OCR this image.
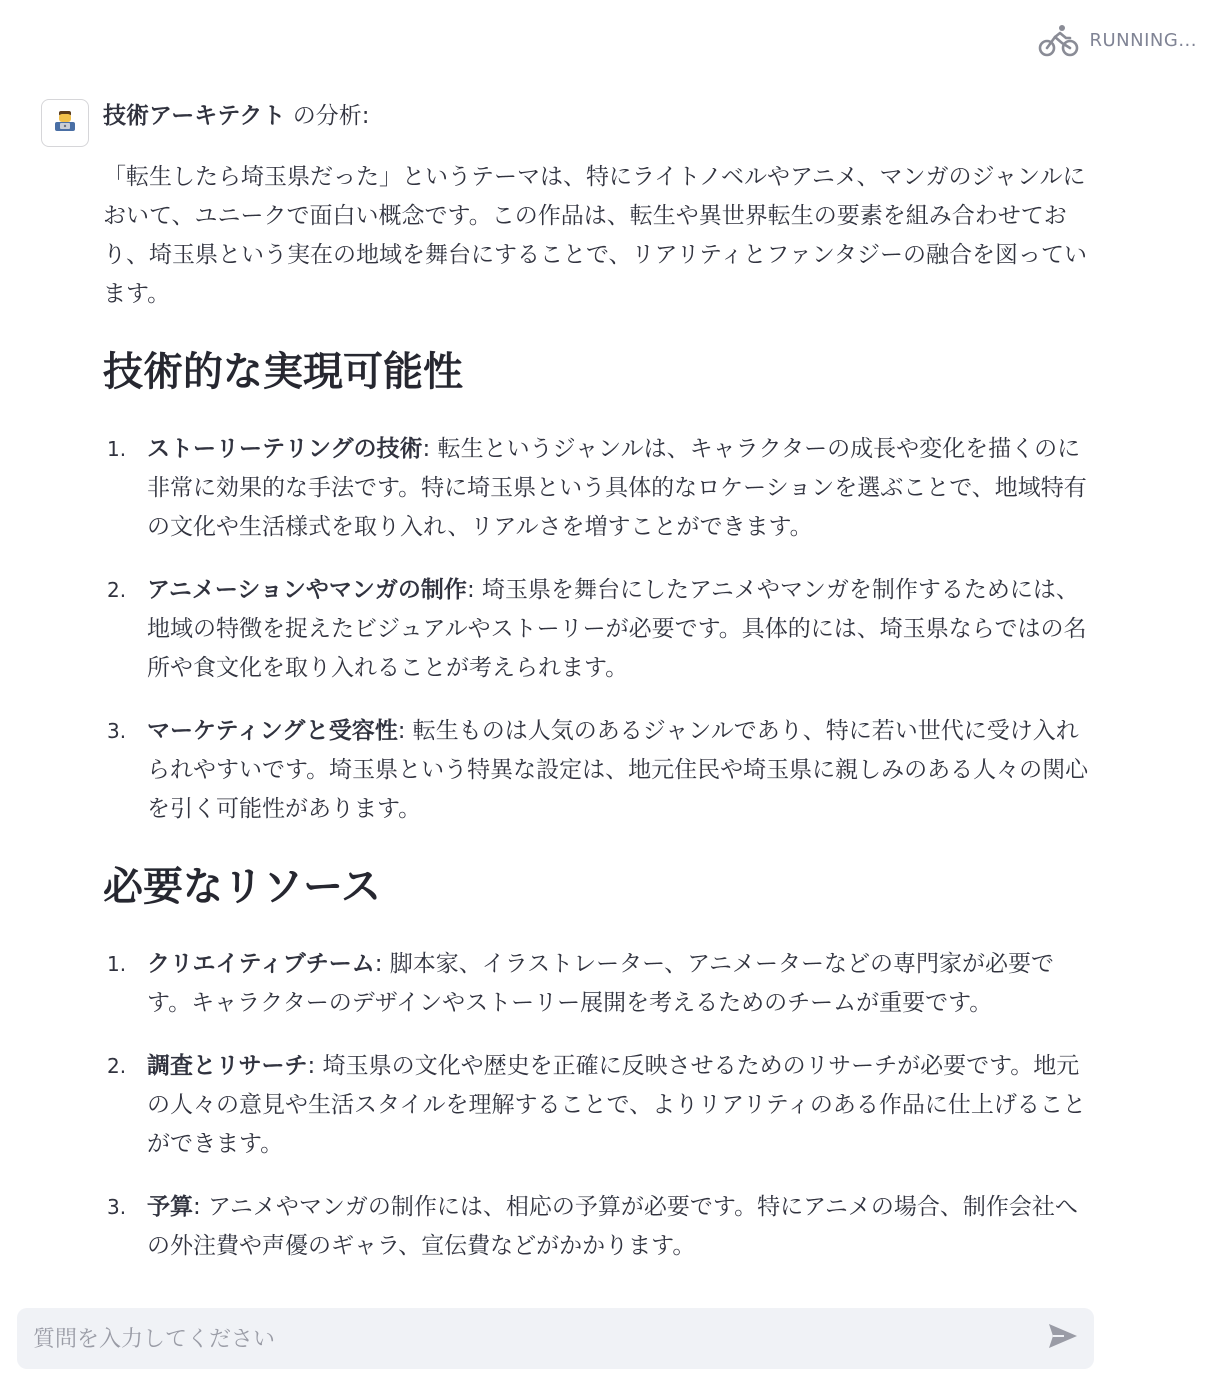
RUNNING...
技術アーキテクト の分析:

「転生したら埼玉県だった」というテーマは、特にライトノベルやアニメ、マンガのジャンルにおいて、ユニークで面白い概念です。この作品は、転生や異世界転生の要素を組み合わせており、埼玉県という実在の地域を舞台にすることで、リアリティとファンタジーの融合を図っています。

技術的な実現可能性
1. ストーリーテリングの技術: 転生というジャンルは、キャラクターの成長や変化を描くのに非常に効果的な手法です。特に埼玉県という具体的なロケーションを選ぶことで、地域特有の文化や生活様式を取り入れ、リアルさを増すことができます。
2. アニメーションやマンガの制作: 埼玉県を舞台にしたアニメやマンガを制作するためには、地域の特徴を捉えたビジュアルやストーリーが必要です。具体的には、埼玉県ならではの名所や食文化を取り入れることが考えられます。
3. マーケティングと受容性: 転生ものは人気のあるジャンルであり、特に若い世代に受け入れられやすいです。埼玉県という特異な設定は、地元住民や埼玉県に親しみのある人々の関心を引く可能性があります。
必要なリソース
1. クリエイティブチーム: 脚本家、イラストレーター、アニメーターなどの専門家が必要です。キャラクターのデザインやストーリー展開を考えるためのチームが重要です。
2. 調査とリサーチ: 埼玉県の文化や歴史を正確に反映させるためのリサーチが必要です。地元の人々の意見や生活スタイルを理解することで、よりリアリティのある作品に仕上げることができます。
3. 予算: アニメやマンガの制作には、相応の予算が必要です。特にアニメの場合、制作会社への外注費や声優のギャラ、宣伝費などがかかります。
質問を入力してください
